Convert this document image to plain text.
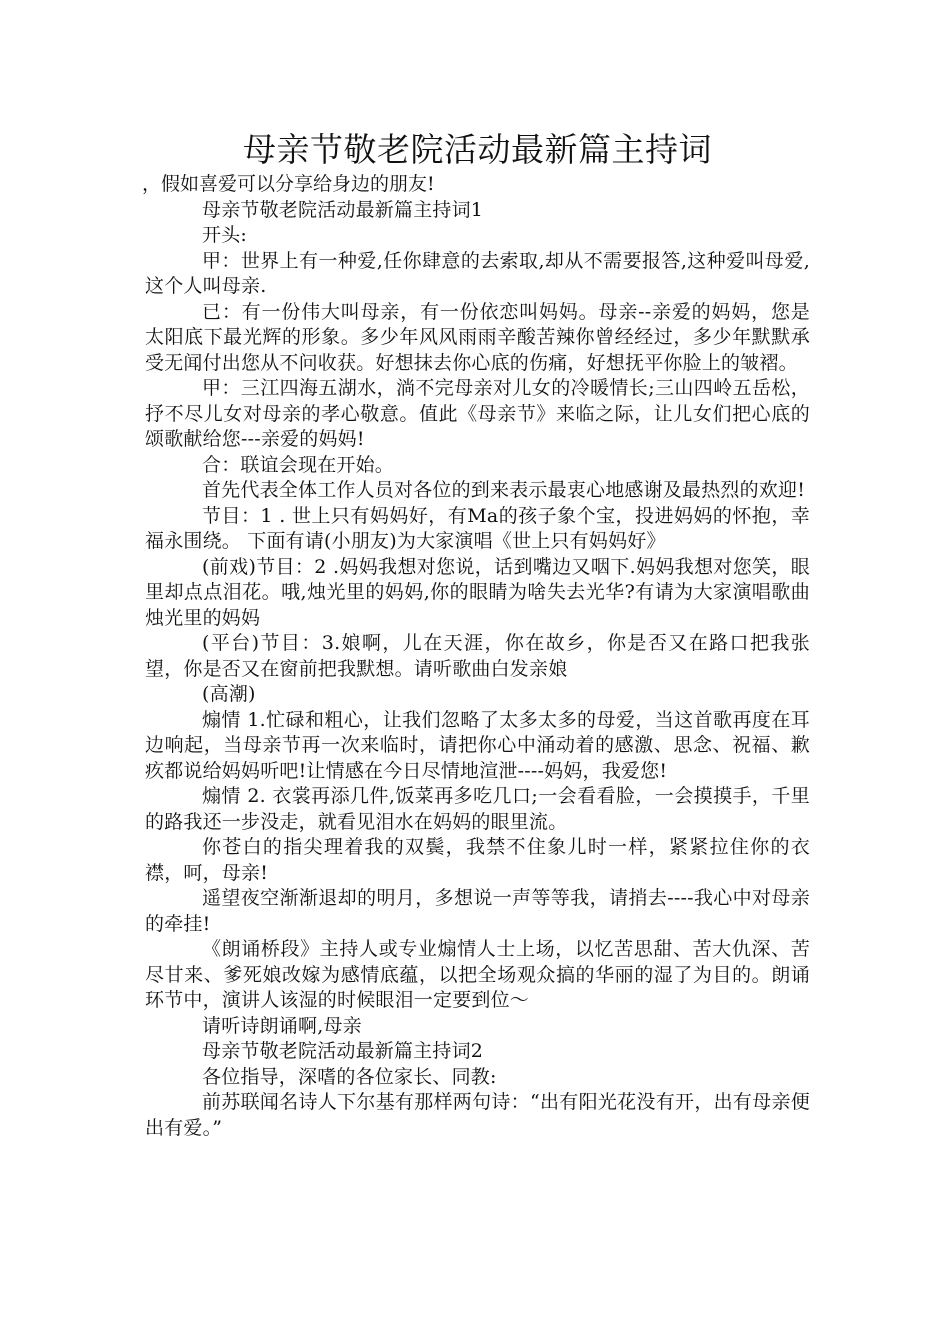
母亲节敬老院活动最新篇主持词

，假如喜爱可以分享给身边的朋友!

母亲节敬老院活动最新篇主持词1

开头:

甲：世界上有一种爱,任你肆意的去索取,却从不需要报答,这种爱叫母爱,这个人叫母亲.

已：有一份伟大叫母亲，有一份依恋叫妈妈。母亲--亲爱的妈妈，您是太阳底下最光辉的形象。多少年风风雨雨辛酸苦辣你曾经经过，多少年默默承受无闻付出您从不问收获。好想抹去你心底的伤痛，好想抚平你脸上的皱褶。

甲：三江四海五湖水，淌不完母亲对儿女的冷暖情长;三山四岭五岳松，抒不尽儿女对母亲的孝心敬意。值此《母亲节》来临之际，让儿女们把心底的颂歌献给您---亲爱的妈妈!

合：联谊会现在开始。

首先代表全体工作人员对各位的到来表示最衷心地感谢及最热烈的欢迎!

节目：1 . 世上只有妈妈好，有Ma的孩子象个宝，投进妈妈的怀抱，幸福永围绕。 下面有请(小朋友)为大家演唱《世上只有妈妈好》

(前戏)节目：2 .妈妈我想对您说，话到嘴边又咽下.妈妈我想对您笑，眼里却点点泪花。哦,烛光里的妈妈,你的眼睛为啥失去光华?有请为大家演唱歌曲烛光里的妈妈

(平台)节目：3.娘啊，儿在天涯，你在故乡，你是否又在路口把我张望，你是否又在窗前把我默想。请听歌曲白发亲娘

(高潮)

煽情 1.忙碌和粗心，让我们忽略了太多太多的母爱，当这首歌再度在耳边响起，当母亲节再一次来临时，请把你心中涌动着的感激、思念、祝福、歉疚都说给妈妈听吧!让情感在今日尽情地渲泄----妈妈，我爱您!

煽情 2. 衣裳再添几件,饭菜再多吃几口;一会看看脸，一会摸摸手，千里的路我还一步没走，就看见泪水在妈妈的眼里流。

你苍白的指尖理着我的双鬓，我禁不住象儿时一样，紧紧拉住你的衣襟，呵，母亲!

遥望夜空渐渐退却的明月，多想说一声等等我，请捎去----我心中对母亲的牵挂!

《朗诵桥段》主持人或专业煽情人士上场，以忆苦思甜、苦大仇深、苦尽甘来、爹死娘改嫁为感情底蕴，以把全场观众搞的华丽的湿了为目的。朗诵环节中，演讲人该湿的时候眼泪一定要到位～

请听诗朗诵啊,母亲

母亲节敬老院活动最新篇主持词2

各位指导，深嗜的各位家长、同教:

前苏联闻名诗人下尔基有那样两句诗：“出有阳光花没有开，出有母亲便出有爱。”
